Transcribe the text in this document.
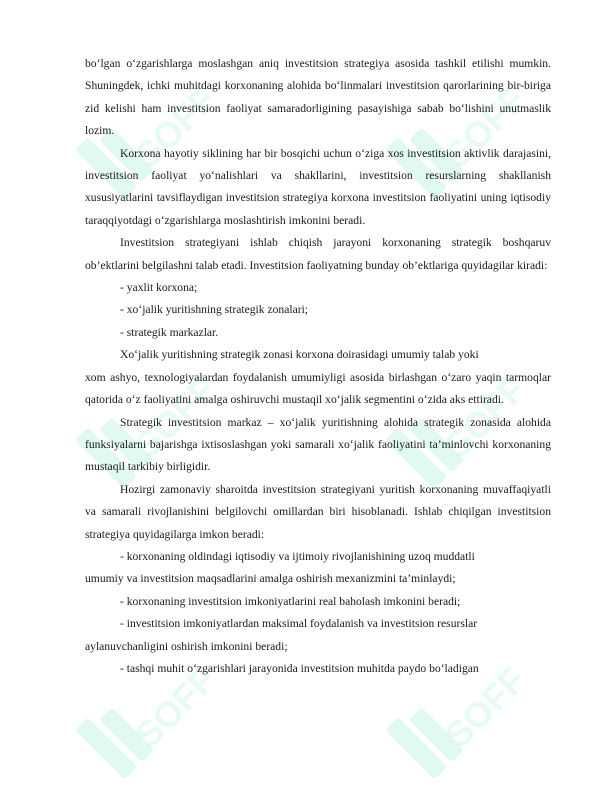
SOFF	SOFF
SOFF	SOFF
SOFF	SOFF

bo‘lgan o‘zgarishlarga moslashgan aniq investitsion strategiya asosida tashkil etilishi mumkin. Shuningdek, ichki muhitdagi korxonaning alohida bo‘linmalari investitsion qarorlarining bir-biriga zid kelishi ham investitsion faoliyat samaradorligining pasayishiga sabab bo‘lishini unutmaslik lozim.

Korxona hayotiy siklining har bir bosqichi uchun o‘ziga xos investitsion aktivlik darajasini, investitsion faoliyat yo‘nalishlari va shakllarini, investitsion resurslarning shakllanish xususiyatlarini tavsiflaydigan investitsion strategiya korxona investitsion faoliyatini uning iqtisodiy taraqqiyotdagi o‘zgarishlarga moslashtirish imkonini beradi.

Investitsion strategiyani ishlab chiqish jarayoni korxonaning strategik boshqaruv ob’ektlarini belgilashni talab etadi. Investitsion faoliyatning bunday ob’ektlariga quyidagilar kiradi:

- yaxlit korxona;

- xo‘jalik yuritishning strategik zonalari;

- strategik markazlar.

Xo‘jalik yuritishning strategik zonasi korxona doirasidagi umumiy talab yoki

xom ashyo, texnologiyalardan foydalanish umumiyligi asosida birlashgan o‘zaro yaqin tarmoqlar qatorida o‘z faoliyatini amalga oshiruvchi mustaqil xo‘jalik segmentini o‘zida aks ettiradi.

Strategik investitsion markaz – xo‘jalik yuritishning alohida strategik zonasida alohida funksiyalarni bajarishga ixtisoslashgan yoki samarali xo‘jalik faoliyatini ta’minlovchi korxonaning mustaqil tarkibiy birligidir.

Hozirgi zamonaviy sharoitda investitsion strategiyani yuritish korxonaning muvaffaqiyatli va samarali rivojlanishini belgilovchi omillardan biri hisoblanadi. Ishlab chiqilgan investitsion strategiya quyidagilarga imkon beradi:

- korxonaning oldindagi iqtisodiy va ijtimoiy rivojlanishining uzoq muddatli

umumiy va investitsion maqsadlarini amalga oshirish mexanizmini ta’minlaydi;

- korxonaning investitsion imkoniyatlarini real baholash imkonini beradi;

- investitsion imkoniyatlardan maksimal foydalanish va investitsion resurslar

aylanuvchanligini oshirish imkonini beradi;

- tashqi muhit o‘zgarishlari jarayonida investitsion muhitda paydo bo‘ladigan
